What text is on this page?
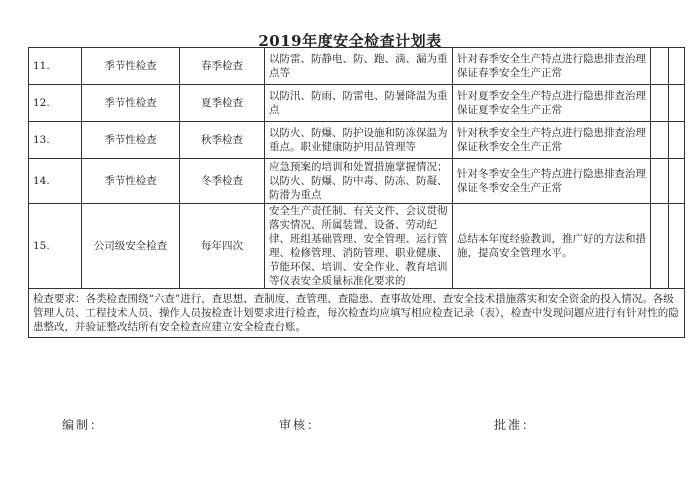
2019年度安全检查计划表
11.	季节性检查	春季检查	以防雷、防静电、防、跑、滴、漏为重点等	针对春季安全生产特点进行隐患排查治理保证春季安全生产正常		
12.	季节性检查	夏季检查	以防汛、防雨、防雷电、防暑降温为重点	针对夏季安全生产特点进行隐患排查治理保证夏季安全生产正常		
13.	季节性检查	秋季检查	以防火、防爆、防护设施和防冻保温为重点。职业健康防护用品管理等	针对秋季安全生产特点进行隐患排查治理保证秋季安全生产正常		
14.	季节性检查	冬季检查	应急预案的培训和处置措施掌握情况；以防火、防爆、防中毒、防冻、防凝、防滑为重点	针对冬季安全生产特点进行隐患排查治理保证冬季安全生产正常		
15.	公司级安全检查	每年四次	安全生产责任制、有关文件、会议贯彻落实情况、所属装置、设备、劳动纪律、班组基础管理、安全管理、运行管理、检修管理、消防管理、职业健康、节能环保、培训、安全作业、教育培训等仪表安全质量标准化要求的	总结本年度经验教训，推广好的方法和措施，提高安全管理水平。		
检查要求：各类检查围绕“六查”进行，查思想、查制度、查管理、查隐患、查事故处理、查安全技术措施落实和安全资金的投入情况。各级管理人员、工程技术人员、操作人员按检查计划要求进行检查，每次检查均应填写相应检查记录（表），检查中发现问题应进行有针对性的隐患整改，并验证整改结所有安全检查应建立安全检查台账。						
编制：	审核：	批准：
